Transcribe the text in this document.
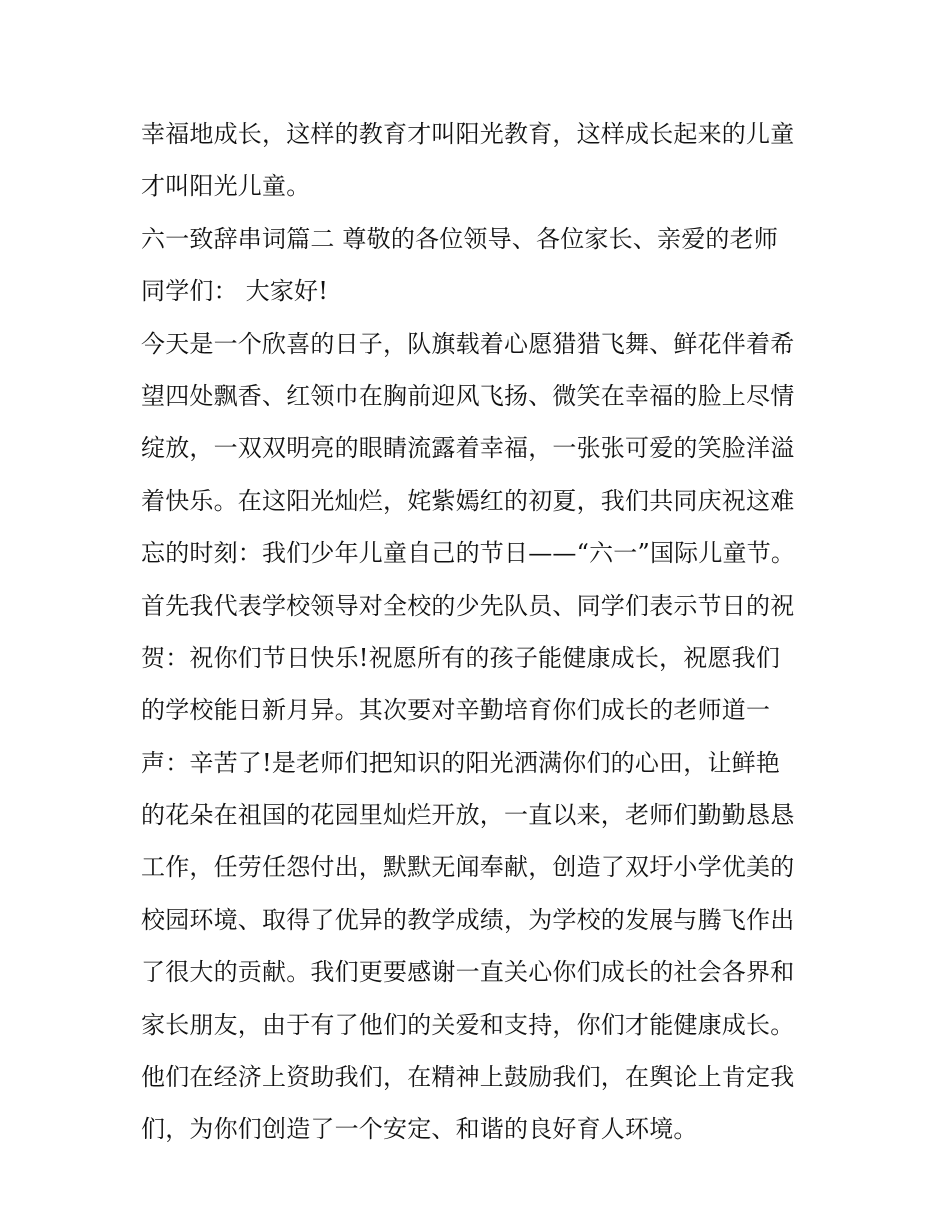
幸福地成长，这样的教育才叫阳光教育，这样成长起来的儿童
才叫阳光儿童。
六一致辞串词篇二 尊敬的各位领导、各位家长、亲爱的老师
同学们： 大家好!
今天是一个欣喜的日子，队旗载着心愿猎猎飞舞、鲜花伴着希
望四处飘香、红领巾在胸前迎风飞扬、微笑在幸福的脸上尽情
绽放，一双双明亮的眼睛流露着幸福，一张张可爱的笑脸洋溢
着快乐。在这阳光灿烂，姹紫嫣红的初夏，我们共同庆祝这难
忘的时刻：我们少年儿童自己的节日——“六一”国际儿童节。
首先我代表学校领导对全校的少先队员、同学们表示节日的祝
贺：祝你们节日快乐!祝愿所有的孩子能健康成长，祝愿我们
的学校能日新月异。其次要对辛勤培育你们成长的老师道一
声：辛苦了!是老师们把知识的阳光洒满你们的心田，让鲜艳
的花朵在祖国的花园里灿烂开放，一直以来，老师们勤勤恳恳
工作，任劳任怨付出，默默无闻奉献，创造了双圩小学优美的
校园环境、取得了优异的教学成绩，为学校的发展与腾飞作出
了很大的贡献。我们更要感谢一直关心你们成长的社会各界和
家长朋友，由于有了他们的关爱和支持，你们才能健康成长。
他们在经济上资助我们，在精神上鼓励我们，在舆论上肯定我
们，为你们创造了一个安定、和谐的良好育人环境。
